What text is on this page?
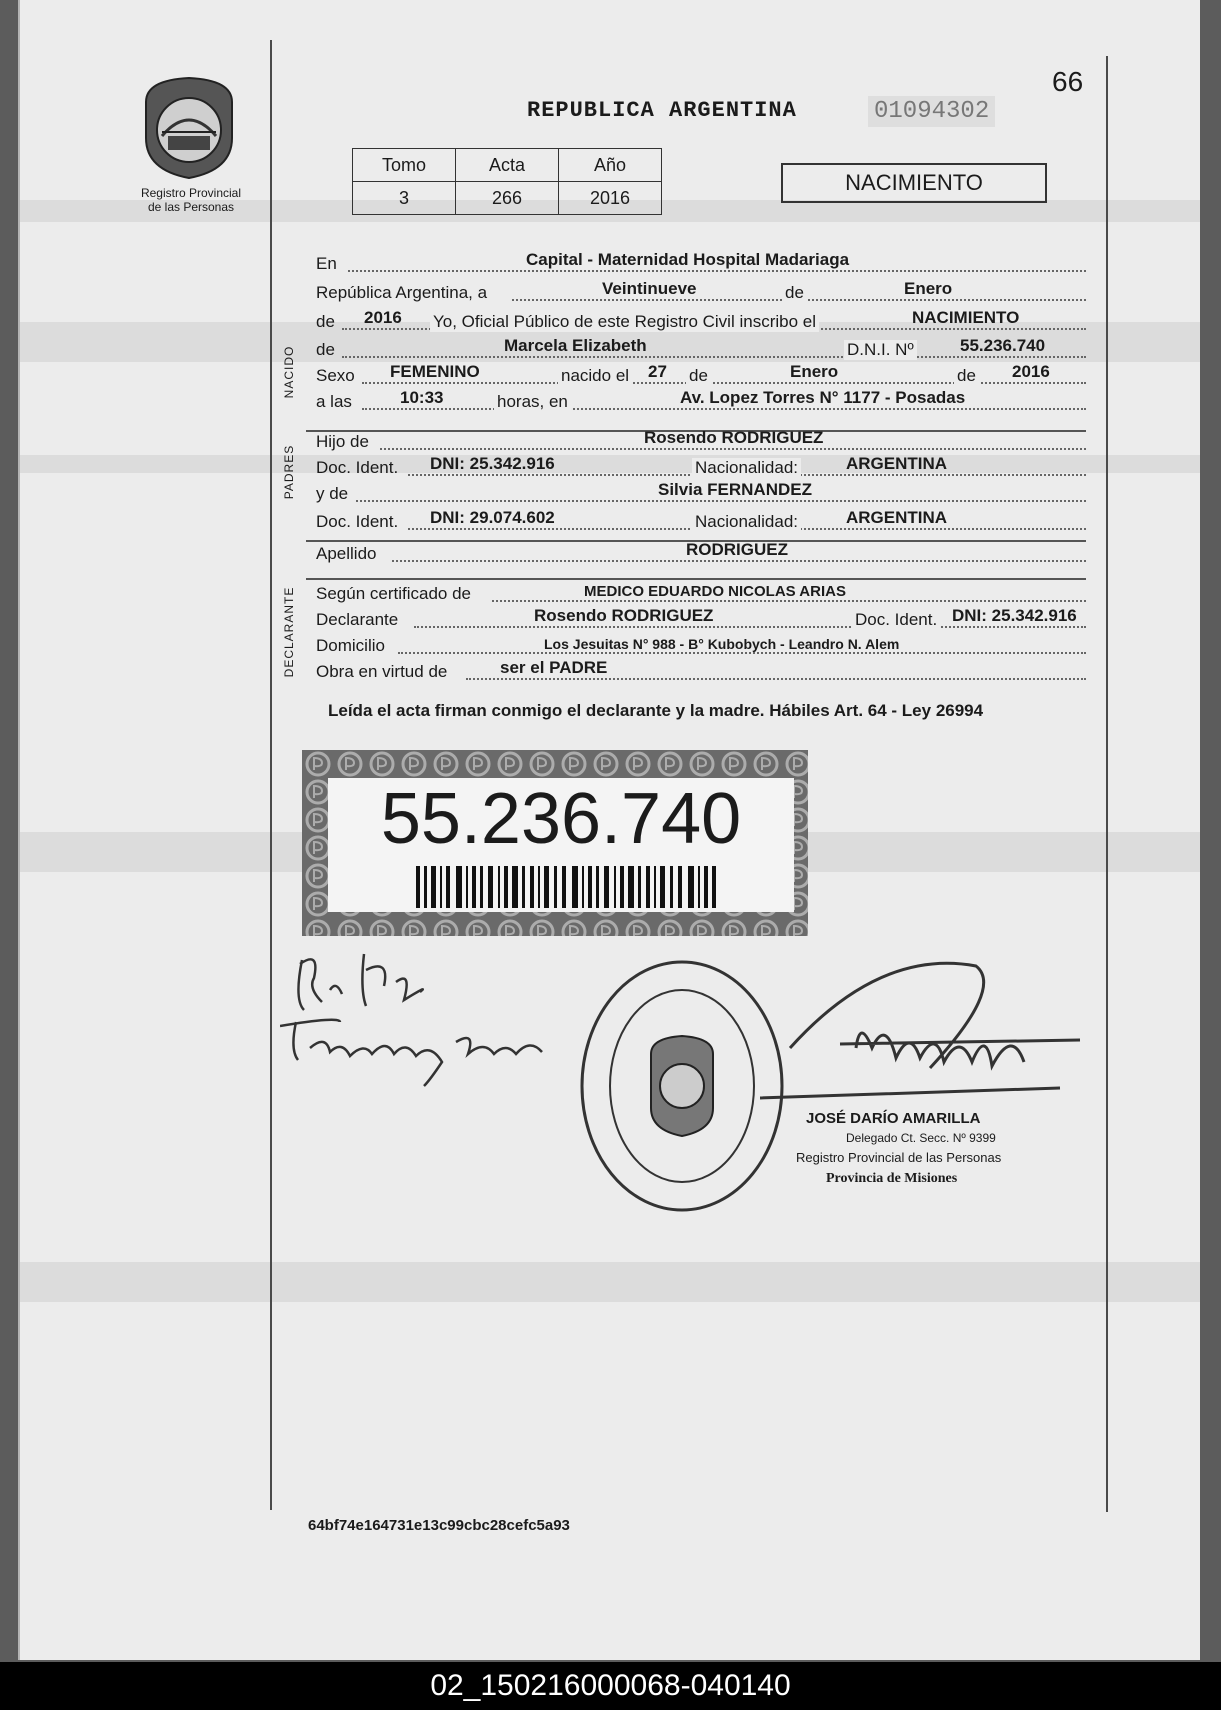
66
Registro Provincial
de las Personas
REPUBLICA ARGENTINA	01094302
Tomo	Acta	Año
3	266	2016
NACIMIENTO
En	Capital - Maternidad Hospital Madariaga
República Argentina, a	Veintinueve	de	Enero
de 2016 Yo, Oficial Público de este Registro Civil inscribo el	NACIMIENTO
NACIDO	de	Marcela Elizabeth	D.N.I. Nº	55.236.740
Sexo FEMENINO	nacido el 27 de	Enero	de 2016
a las	10:33	horas, en	Av. Lopez Torres N° 1177 - Posadas
PADRES
Hijo de	Rosendo RODRIGUEZ
Doc. Ident. DNI: 25.342.916	Nacionalidad:	ARGENTINA
y de	Silvia FERNANDEZ
Doc. Ident. DNI: 29.074.602	Nacionalidad:	ARGENTINA
Apellido	RODRIGUEZ
DECLARANTE	Según certificado de	MEDICO EDUARDO NICOLAS ARIAS
Declarante	Rosendo RODRIGUEZ	Doc. Ident. DNI: 25.342.916
Domicilio	Los Jesuitas N° 988 - B° Kubobych - Leandro N. Alem
Obra en virtud de	ser el PADRE
Leída el acta firman conmigo el declarante y la madre. Hábiles Art. 64 - Ley 26994
55.236.740
JOSÉ DARÍO AMARILLA
Delegado Ct. Secc. Nº 9399
Registro Provincial de las Personas
Provincia de Misiones
64bf74e164731e13c99cbc28cefc5a93
02_150216000068-040140
